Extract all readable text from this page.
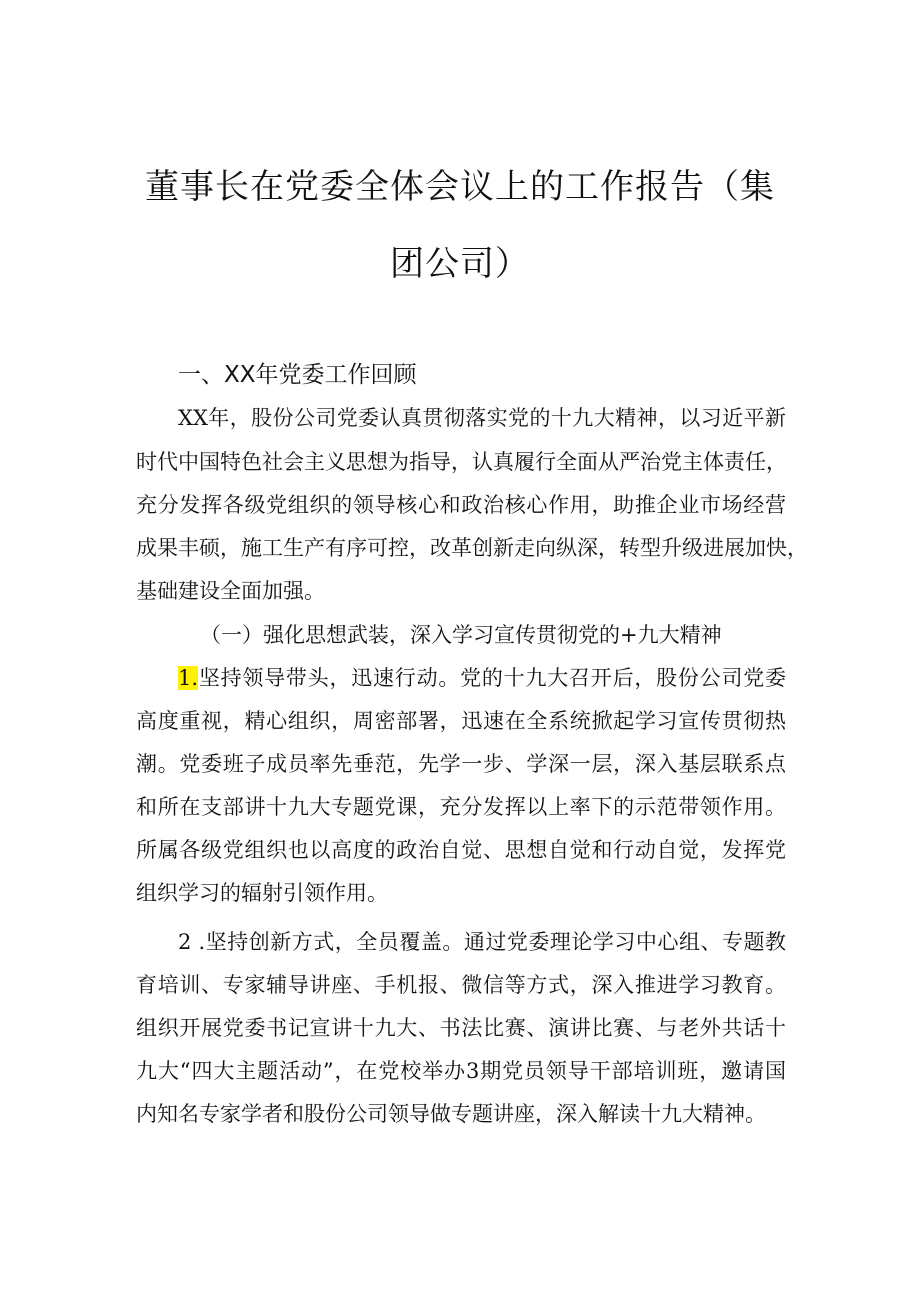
董事长在党委全体会议上的工作报告（集
团公司）
一、XX年党委工作回顾
XX年，股份公司党委认真贯彻落实党的十九大精神，以习近平新
时代中国特色社会主义思想为指导，认真履行全面从严治党主体责任，
充分发挥各级党组织的领导核心和政治核心作用，助推企业市场经营
成果丰硕，施工生产有序可控，改革创新走向纵深，转型升级进展加快，
基础建设全面加强。
（一）强化思想武装，深入学习宣传贯彻党的+九大精神
1.坚持领导带头，迅速行动。党的十九大召开后，股份公司党委
高度重视，精心组织，周密部署，迅速在全系统掀起学习宣传贯彻热
潮。党委班子成员率先垂范，先学一步、学深一层，深入基层联系点
和所在支部讲十九大专题党课，充分发挥以上率下的示范带领作用。
所属各级党组织也以高度的政治自觉、思想自觉和行动自觉，发挥党
组织学习的辐射引领作用。
2 .坚持创新方式，全员覆盖。通过党委理论学习中心组、专题教
育培训、专家辅导讲座、手机报、微信等方式，深入推进学习教育。
组织开展党委书记宣讲十九大、书法比赛、演讲比赛、与老外共话十
九大“四大主题活动”，在党校举办3期党员领导干部培训班，邀请国
内知名专家学者和股份公司领导做专题讲座，深入解读十九大精神。
